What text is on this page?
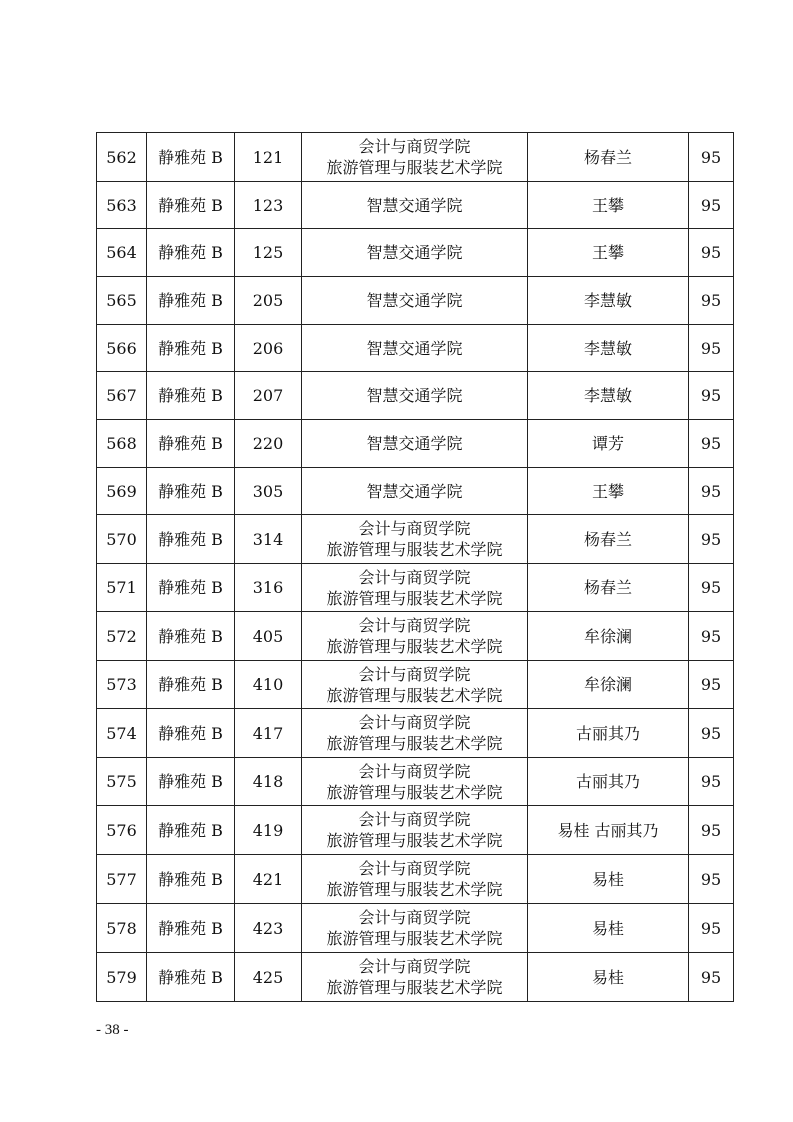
562	静雅苑 B	121	会计与商贸学院
旅游管理与服装艺术学院	杨春兰	95
563	静雅苑 B	123	智慧交通学院	王攀	95
564	静雅苑 B	125	智慧交通学院	王攀	95
565	静雅苑 B	205	智慧交通学院	李慧敏	95
566	静雅苑 B	206	智慧交通学院	李慧敏	95
567	静雅苑 B	207	智慧交通学院	李慧敏	95
568	静雅苑 B	220	智慧交通学院	谭芳	95
569	静雅苑 B	305	智慧交通学院	王攀	95
570	静雅苑 B	314	会计与商贸学院
旅游管理与服装艺术学院	杨春兰	95
571	静雅苑 B	316	会计与商贸学院
旅游管理与服装艺术学院	杨春兰	95
572	静雅苑 B	405	会计与商贸学院
旅游管理与服装艺术学院	牟徐澜	95
573	静雅苑 B	410	会计与商贸学院
旅游管理与服装艺术学院	牟徐澜	95
574	静雅苑 B	417	会计与商贸学院
旅游管理与服装艺术学院	古丽其乃	95
575	静雅苑 B	418	会计与商贸学院
旅游管理与服装艺术学院	古丽其乃	95
576	静雅苑 B	419	会计与商贸学院
旅游管理与服装艺术学院	易桂 古丽其乃	95
577	静雅苑 B	421	会计与商贸学院
旅游管理与服装艺术学院	易桂	95
578	静雅苑 B	423	会计与商贸学院
旅游管理与服装艺术学院	易桂	95
579	静雅苑 B	425	会计与商贸学院
旅游管理与服装艺术学院	易桂	95
- 38 -
